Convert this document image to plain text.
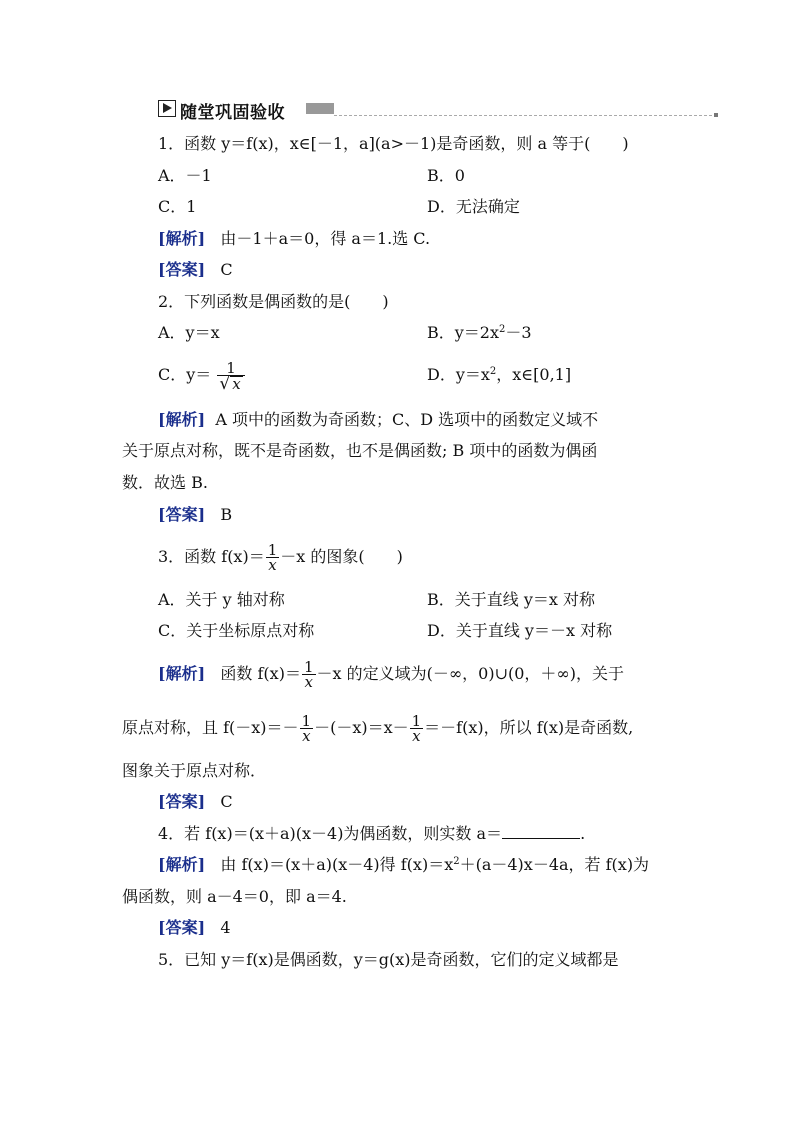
随堂巩固验收
1．函数 y＝f(x)，x∈[－1，a](a>－1)是奇函数，则 a 等于(　　)
A．－1	B．0
C．1	D．无法确定
[解析] 由－1＋a＝0，得 a＝1.选 C.
[答案] C
2．下列函数是偶函数的是(　　)
A．y＝x	B．$y=2x^2-3$
C．$y= \frac{1}{√ x}$	D．$y=x^2$，x∈[0,1]
[解析] A 项中的函数为奇函数；C、D 选项中的函数定义域不
关于原点对称，既不是奇函数，也不是偶函数; B 项中的函数为偶函
数．故选 B.
[答案] B
3．函数 $f(x)= \frac{1}{x} -x$ 的图象(　　)
A．关于 y 轴对称	B．关于直线 y＝x 对称
C．关于坐标原点对称	D．关于直线 y＝－x 对称
[解析] 函数 $f(x)= \frac{1}{x} -x$ 的定义域为(－∞，0)∪(0，＋∞)，关于
原点对称，且 $f(-x)=- \frac{1}{x} -(-x)=x- \frac{1}{x} =-f(x)$，所以 f(x)是奇函数,
图象关于原点对称．
[答案] C
4．若 f(x)＝(x＋a)(x－4)为偶函数，则实数 a＝	.
[解析] 由 f(x)＝(x＋a)(x－4)得 $f(x)=x^2+(a-4)x-4a$，若 f(x)为
偶函数，则 a－4＝0，即 a＝4.
[答案] 4
5．已知 y＝f(x)是偶函数，y＝g(x)是奇函数，它们的定义域都是
